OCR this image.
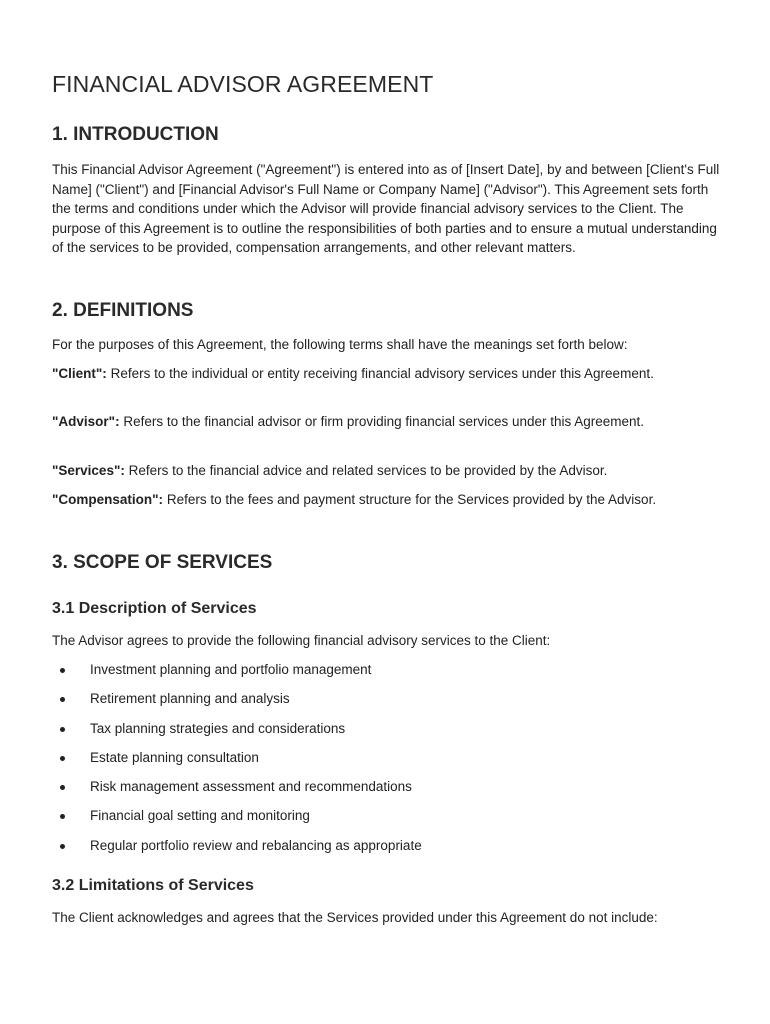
FINANCIAL ADVISOR AGREEMENT
1. INTRODUCTION

This Financial Advisor Agreement ("Agreement") is entered into as of [Insert Date], by and between [Client's Full Name] ("Client") and [Financial Advisor's Full Name or Company Name] ("Advisor"). This Agreement sets forth the terms and conditions under which the Advisor will provide financial advisory services to the Client. The purpose of this Agreement is to outline the responsibilities of both parties and to ensure a mutual understanding of the services to be provided, compensation arrangements, and other relevant matters.

2. DEFINITIONS

For the purposes of this Agreement, the following terms shall have the meanings set forth below:

"Client": Refers to the individual or entity receiving financial advisory services under this Agreement.

"Advisor": Refers to the financial advisor or firm providing financial services under this Agreement.

"Services": Refers to the financial advice and related services to be provided by the Advisor.

"Compensation": Refers to the fees and payment structure for the Services provided by the Advisor.

3. SCOPE OF SERVICES
3.1 Description of Services

The Advisor agrees to provide the following financial advisory services to the Client:

Investment planning and portfolio management
Retirement planning and analysis
Tax planning strategies and considerations
Estate planning consultation
Risk management assessment and recommendations
Financial goal setting and monitoring
Regular portfolio review and rebalancing as appropriate
3.2 Limitations of Services

The Client acknowledges and agrees that the Services provided under this Agreement do not include:
